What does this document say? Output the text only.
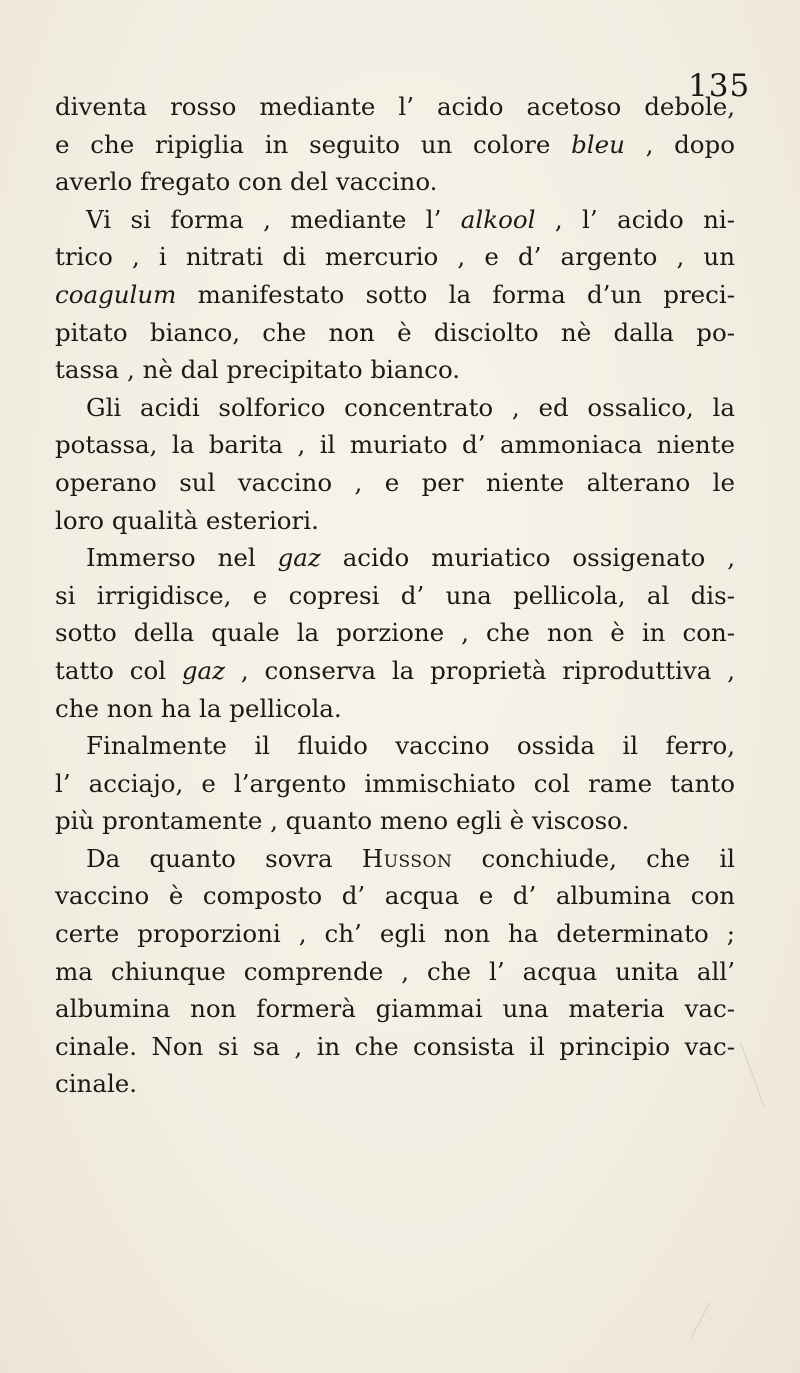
135
diventa rosso mediante l’ acido acetoso debole,
e che ripiglia in seguito un colore bleu , dopo
averlo fregato con del vaccino.
Vi si forma , mediante l’ alkool , l’ acido ni-
trico , i nitrati di mercurio , e d’ argento , un
coagulum manifestato sotto la forma d’un preci-
pitato bianco, che non è disciolto nè dalla po-
tassa , nè dal precipitato bianco.
Gli acidi solforico concentrato , ed ossalico, la
potassa, la barita , il muriato d’ ammoniaca niente
operano sul vaccino , e per niente alterano le
loro qualità esteriori.
Immerso nel gaz acido muriatico ossigenato ,
si irrigidisce, e copresi d’ una pellicola, al dis-
sotto della quale la porzione , che non è in con-
tatto col gaz , conserva la proprietà riproduttiva ,
che non ha la pellicola.
Finalmente il fluido vaccino ossida il ferro,
l’ acciajo, e l’argento immischiato col rame tanto
più prontamente , quanto meno egli è viscoso.
Da quanto sovra Husson conchiude, che il
vaccino è composto d’ acqua e d’ albumina con
certe proporzioni , ch’ egli non ha determinato ;
ma chiunque comprende , che l’ acqua unita all’
albumina non formerà giammai una materia vac-
cinale. Non si sa , in che consista il principio vac-
cinale.
